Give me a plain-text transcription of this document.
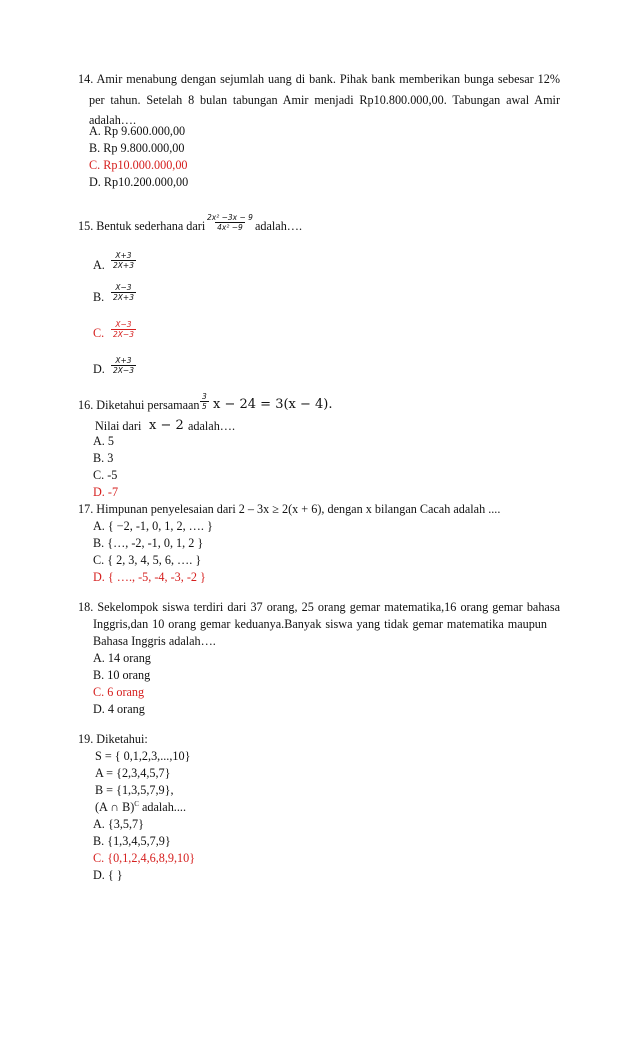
14. Amir menabung dengan sejumlah uang di bank. Pihak bank memberikan bunga sebesar 12%
per tahun. Setelah 8 bulan tabungan Amir menjadi Rp10.800.000,00. Tabungan awal Amir
adalah….
A. Rp 9.600.000,00
B. Rp 9.800.000,00
C. Rp10.000.000,00
D. Rp10.200.000,00
15. Bentuk sederhana dari $\frac{\text{2x² −3x − 9}}{\text{4x² −9}}$ adalah….
A. $\frac{X+3}{2X+3}$
B. $\frac{X-3}{2X+3}$
C. $\frac{X-3}{2X-3}$
D. $\frac{X+3}{2X-3}$
16. Diketahui persamaan $\frac{3}{5}$ x − 24 = 3(x − 4).
Nilai dari x − 2 adalah….
A. 5
B. 3
C. -5
D. -7
17. Himpunan penyelesaian dari 2 – 3x ≥ 2(x + 6), dengan x bilangan Cacah adalah ....
A. { −2, -1, 0, 1, 2, …. }
B. {…, -2, -1, 0, 1, 2 }
C. { 2, 3, 4, 5, 6, …. }
D. { …., -5, -4, -3, -2 }
18. Sekelompok siswa terdiri dari 37 orang, 25 orang gemar matematika,16 orang gemar bahasa
Inggris,dan 10 orang gemar keduanya.Banyak siswa yang tidak gemar matematika maupun
Bahasa Inggris adalah….
A. 14 orang
B. 10 orang
C. 6 orang
D. 4 orang
19. Diketahui:
S = { 0,1,2,3,...,10}
A = {2,3,4,5,7}
B = {1,3,5,7,9},
(A ∩ B)$^C$ adalah....
A. {3,5,7}
B. {1,3,4,5,7,9}
C. {0,1,2,4,6,8,9,10}
D. { }
